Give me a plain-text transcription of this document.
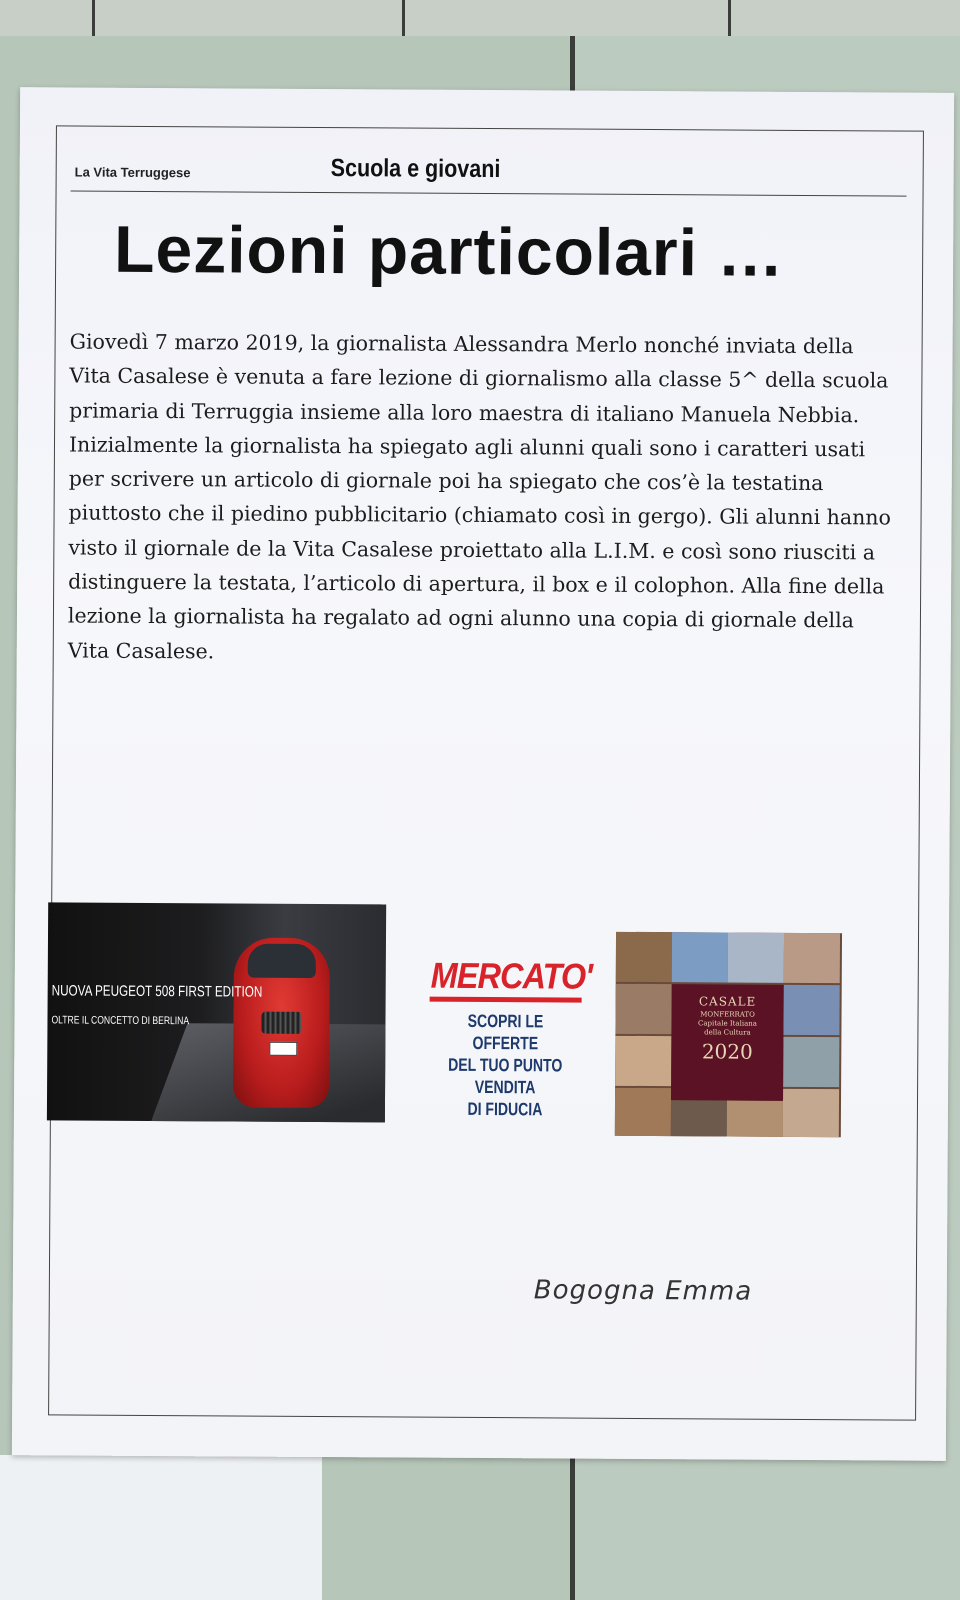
La Vita Terruggese	Scuola e giovani
Lezioni particolari …
Giovedì 7 marzo 2019, la giornalista Alessandra Merlo nonché inviata della Vita Casalese è venuta a fare lezione di giornalismo alla classe 5^ della scuola primaria di Terruggia insieme alla loro maestra di italiano Manuela Nebbia. Inizialmente la giornalista ha spiegato agli alunni quali sono i caratteri usati per scrivere un articolo di giornale poi ha spiegato che cos’è la testatina piuttosto che il piedino pubblicitario (chiamato così in gergo). Gli alunni hanno visto il giornale de la Vita Casalese proiettato alla L.I.M. e così sono riusciti a distinguere la testata, l’articolo di apertura, il box e il colophon. Alla fine della lezione la giornalista ha regalato ad ogni alunno una copia di giornale della Vita Casalese.
NUOVA PEUGEOT 508 FIRST EDITION
OLTRE IL CONCETTO DI BERLINA
MERCATO'
SCOPRI LE OFFERTE
DEL TUO PUNTO VENDITA
DI FIDUCIA
CASALE
MONFERRATO
Capitale Italiana
della Cultura
2020
Bogogna Emma
